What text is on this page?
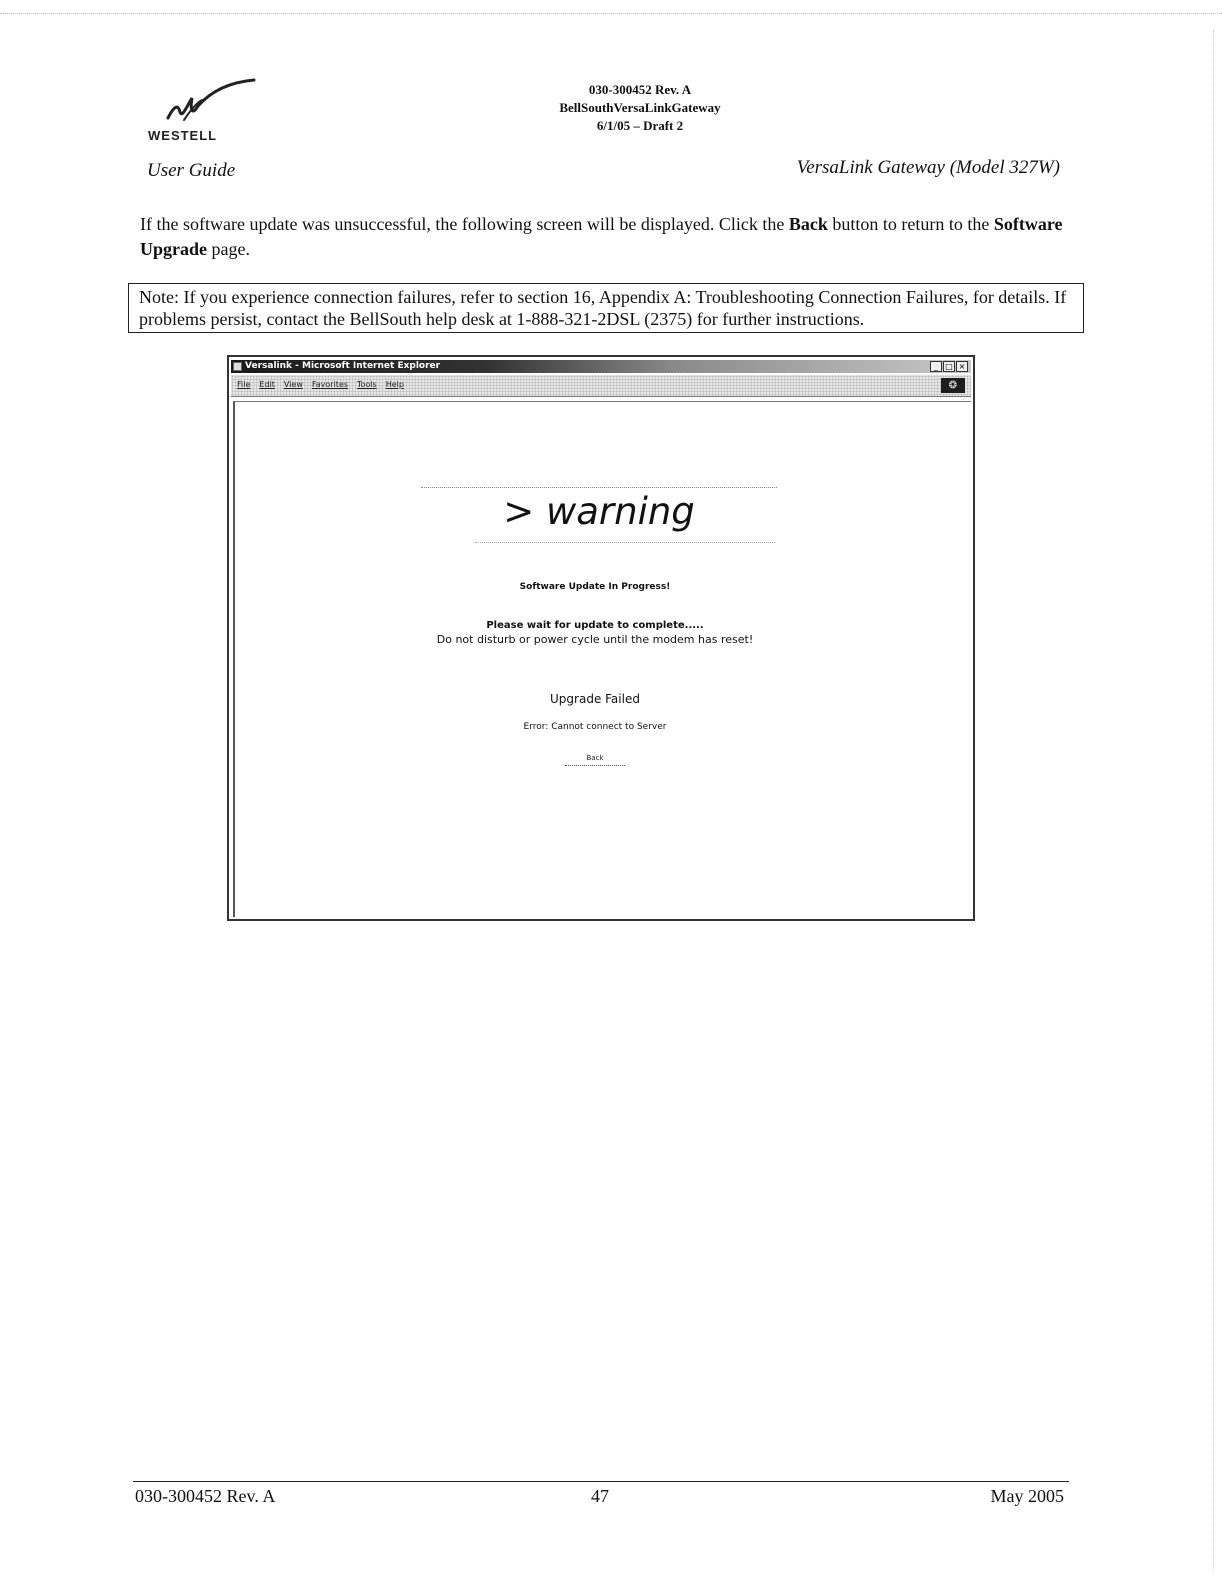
WESTELL
030-300452 Rev. A
BellSouthVersaLinkGateway
6/1/05 – Draft 2
User Guide	VersaLink Gateway (Model 327W)
If the software update was unsuccessful, the following screen will be displayed. Click the Back button to return to the Software Upgrade page.
Note: If you experience connection failures, refer to section 16, Appendix A: Troubleshooting Connection Failures, for details. If problems persist, contact the BellSouth help desk at 1-888-321-2DSL (2375) for further instructions.
Versalink - Microsoft Internet Explorer	_ □ ×
File Edit View Favorites Tools Help	❂
> warning
Software Update In Progress!
Please wait for update to complete.....
Do not disturb or power cycle until the modem has reset!
Upgrade Failed
Error: Cannot connect to Server
Back
030-300452 Rev. A	47	May 2005
